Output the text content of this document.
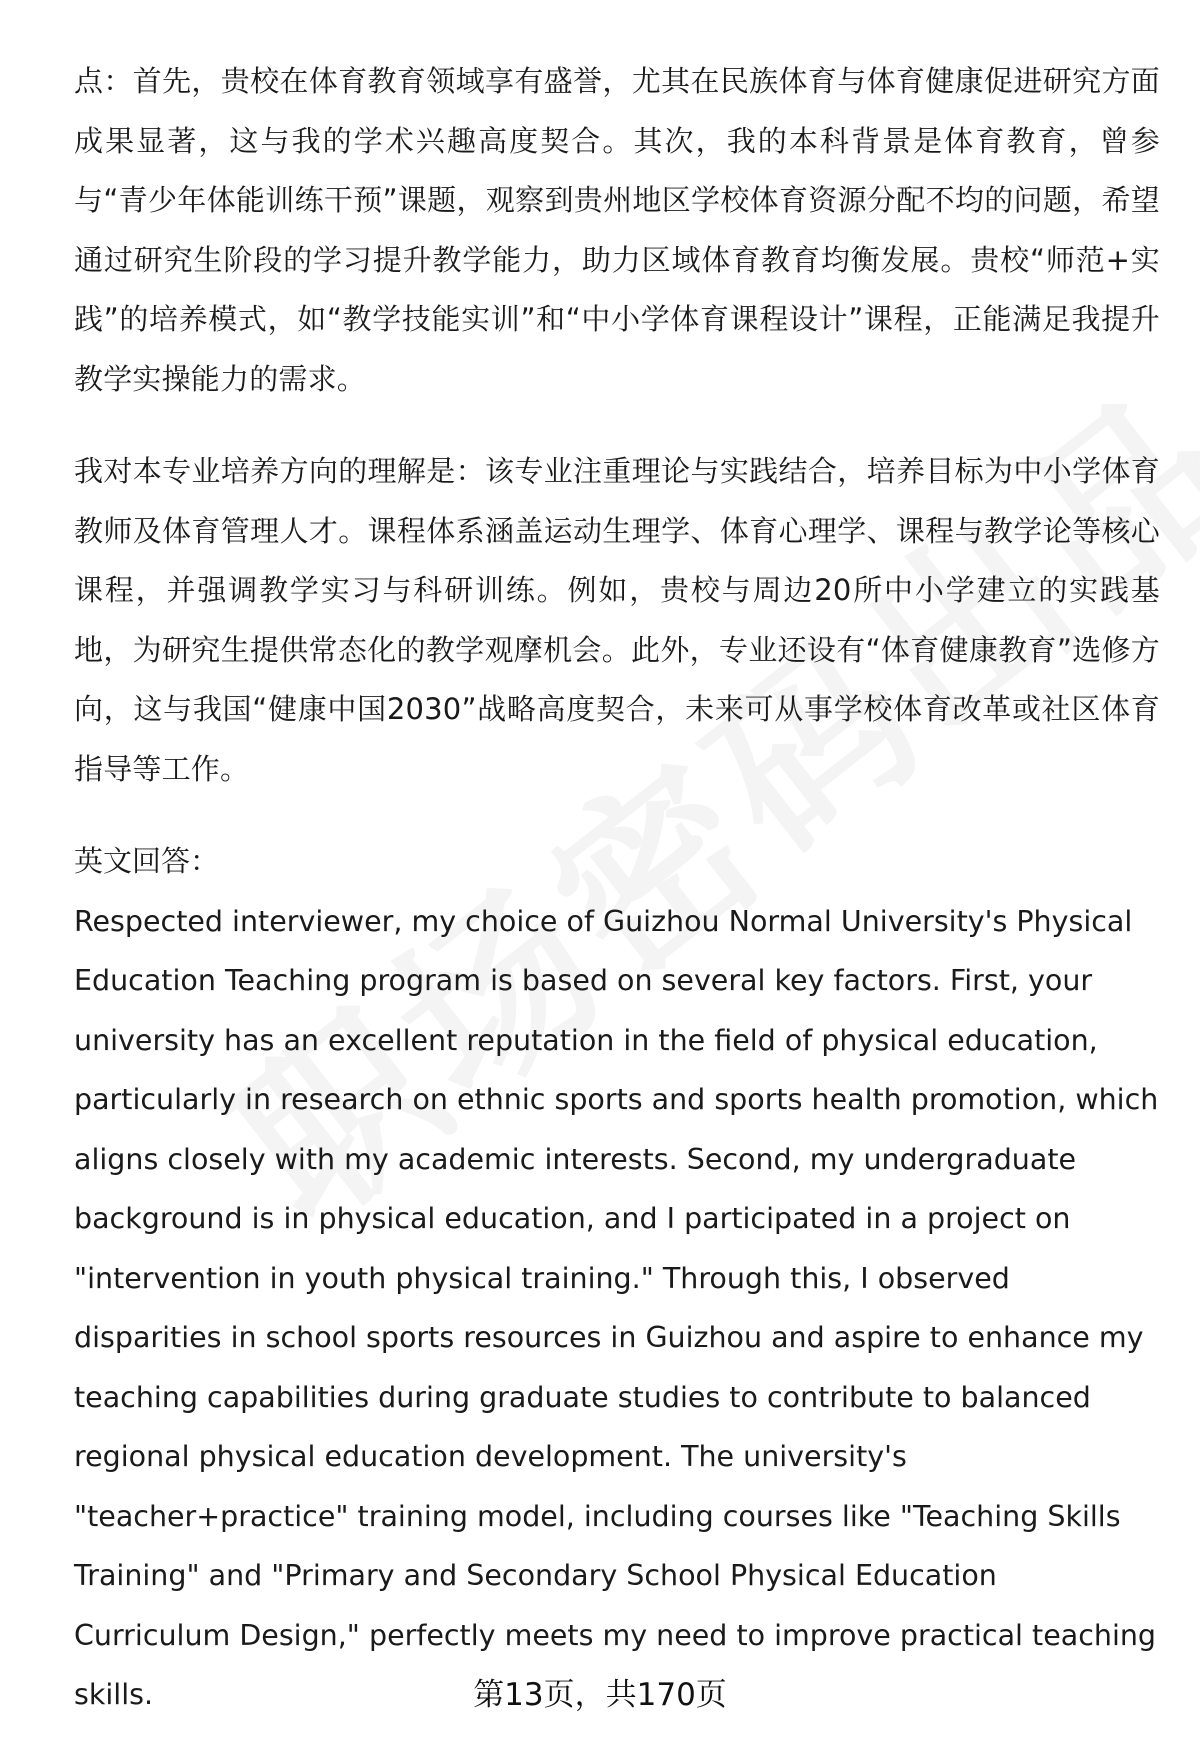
点：首先，贵校在体育教育领域享有盛誉，尤其在民族体育与体育健康促进研究方面成果显著，这与我的学术兴趣高度契合。其次，我的本科背景是体育教育，曾参与“青少年体能训练干预”课题，观察到贵州地区学校体育资源分配不均的问题，希望通过研究生阶段的学习提升教学能力，助力区域体育教育均衡发展。贵校“师范+实践”的培养模式，如“教学技能实训”和“中小学体育课程设计”课程，正能满足我提升教学实操能力的需求。

我对本专业培养方向的理解是：该专业注重理论与实践结合，培养目标为中小学体育教师及体育管理人才。课程体系涵盖运动生理学、体育心理学、课程与教学论等核心课程，并强调教学实习与科研训练。例如，贵校与周边20所中小学建立的实践基地，为研究生提供常态化的教学观摩机会。此外，专业还设有“体育健康教育”选修方向，这与我国“健康中国2030”战略高度契合，未来可从事学校体育改革或社区体育指导等工作。

英文回答：

Respected interviewer, my choice of Guizhou Normal University's Physical Education Teaching program is based on several key factors. First, your university has an excellent reputation in the field of physical education, particularly in research on ethnic sports and sports health promotion, which aligns closely with my academic interests. Second, my undergraduate background is in physical education, and I participated in a project on "intervention in youth physical training." Through this, I observed disparities in school sports resources in Guizhou and aspire to enhance my teaching capabilities during graduate studies to contribute to balanced regional physical education development. The university's "teacher+practice" training model, including courses like "Teaching Skills Training" and "Primary and Secondary School Physical Education Curriculum Design," perfectly meets my need to improve practical teaching skills.	第13页，共170页
